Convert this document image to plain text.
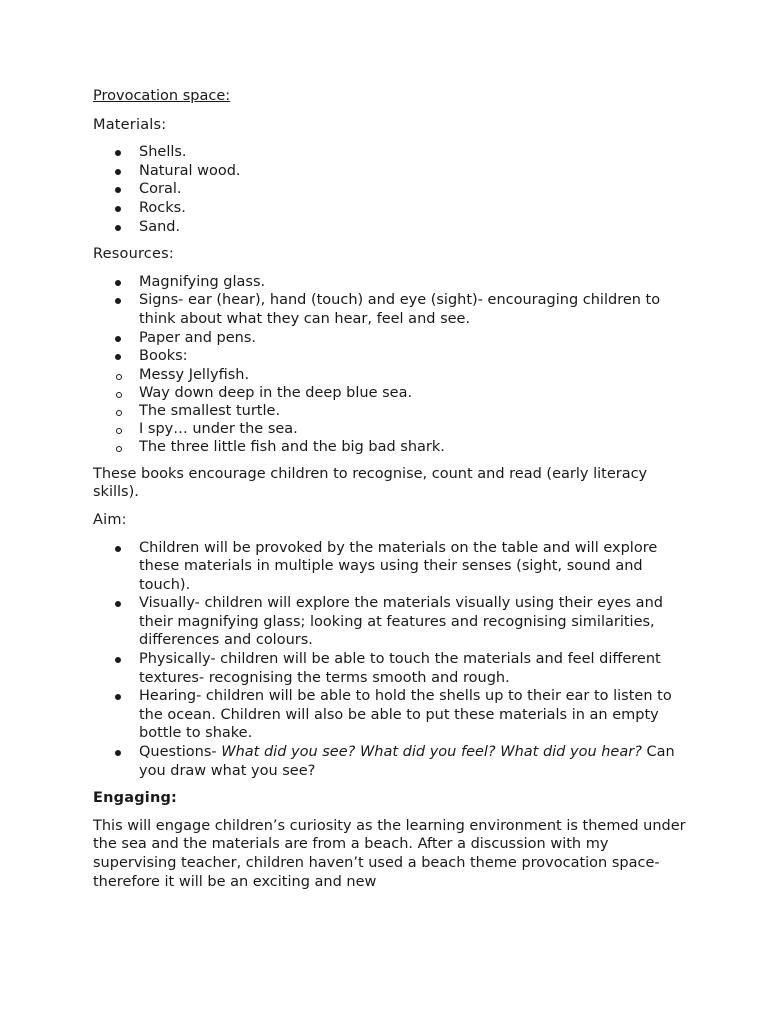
Provocation space:
Materials:
Shells.
Natural wood.
Coral.
Rocks.
Sand.
Resources:
Magnifying glass.
Signs- ear (hear), hand (touch) and eye (sight)- encouraging children to think about what they can hear, feel and see.
Paper and pens.
Books:
Messy Jellyfish.
Way down deep in the deep blue sea.
The smallest turtle.
I spy… under the sea.
The three little fish and the big bad shark.

These books encourage children to recognise, count and read (early literacy skills).

Aim:
Children will be provoked by the materials on the table and will explore these materials in multiple ways using their senses (sight, sound and touch).
Visually- children will explore the materials visually using their eyes and their magnifying glass; looking at features and recognising similarities, differences and colours.
Physically- children will be able to touch the materials and feel different textures- recognising the terms smooth and rough.
Hearing- children will be able to hold the shells up to their ear to listen to the ocean. Children will also be able to put these materials in an empty bottle to shake.
Questions- What did you see? What did you feel? What did you hear? Can you draw what you see?
Engaging:

This will engage children’s curiosity as the learning environment is themed under the sea and the materials are from a beach. After a discussion with my supervising teacher, children haven’t used a beach theme provocation space- therefore it will be an exciting and new
